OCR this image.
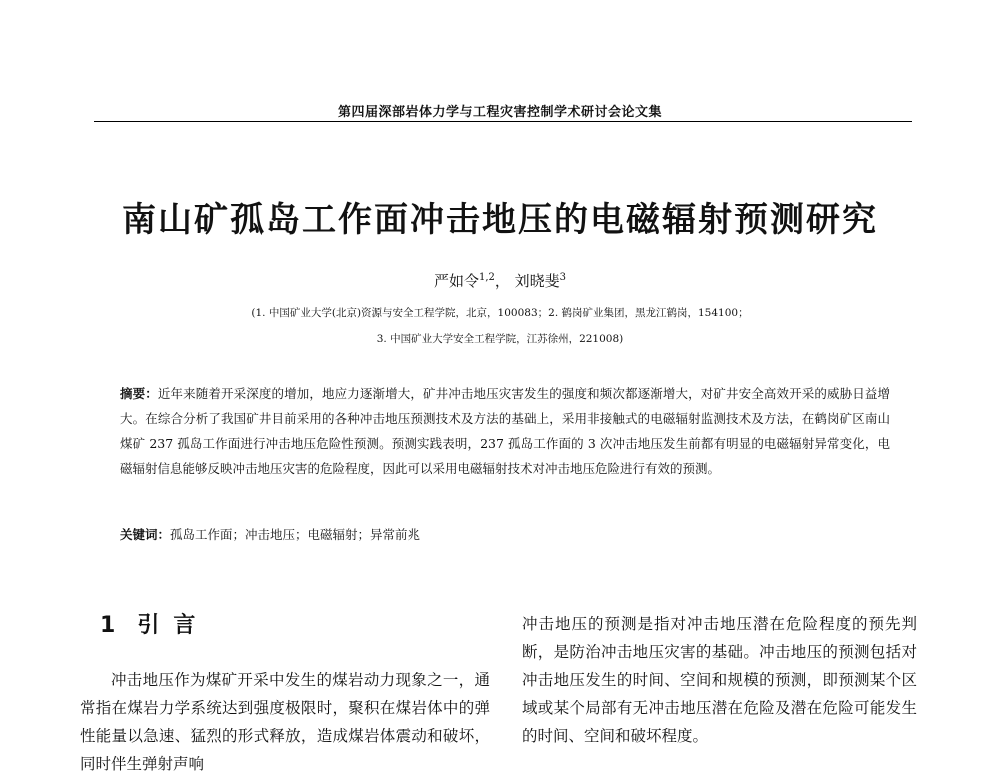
第四届深部岩体力学与工程灾害控制学术研讨会论文集
南山矿孤岛工作面冲击地压的电磁辐射预测研究
严如令$^{1,2}$， 刘晓斐$^3$
(1. 中国矿业大学(北京)资源与安全工程学院，北京，100083；2. 鹤岗矿业集团，黑龙江鹤岗，154100；
3. 中国矿业大学安全工程学院，江苏徐州，221008)
摘要：近年来随着开采深度的增加，地应力逐渐增大，矿井冲击地压灾害发生的强度和频次都逐渐增大，对矿井安全高效开采的威胁日益增大。在综合分析了我国矿井目前采用的各种冲击地压预测技术及方法的基础上，采用非接触式的电磁辐射监测技术及方法，在鹤岗矿区南山煤矿 237 孤岛工作面进行冲击地压危险性预测。预测实践表明，237 孤岛工作面的 3 次冲击地压发生前都有明显的电磁辐射异常变化，电磁辐射信息能够反映冲击地压灾害的危险程度，因此可以采用电磁辐射技术对冲击地压危险进行有效的预测。
关键词：孤岛工作面；冲击地压；电磁辐射；异常前兆
1 引言
冲击地压作为煤矿开采中发生的煤岩动力现象之一，通常指在煤岩力学系统达到强度极限时，聚积在煤岩体中的弹性能量以急速、猛烈的形式释放，造成煤岩体震动和破坏，同时伴生弹射声响
冲击地压的预测是指对冲击地压潜在危险程度的预先判断，是防治冲击地压灾害的基础。冲击地压的预测包括对冲击地压发生的时间、空间和规模的预测，即预测某个区域或某个局部有无冲击地压潜在危险及潜在危险可能发生的时间、空间和破坏程度。
